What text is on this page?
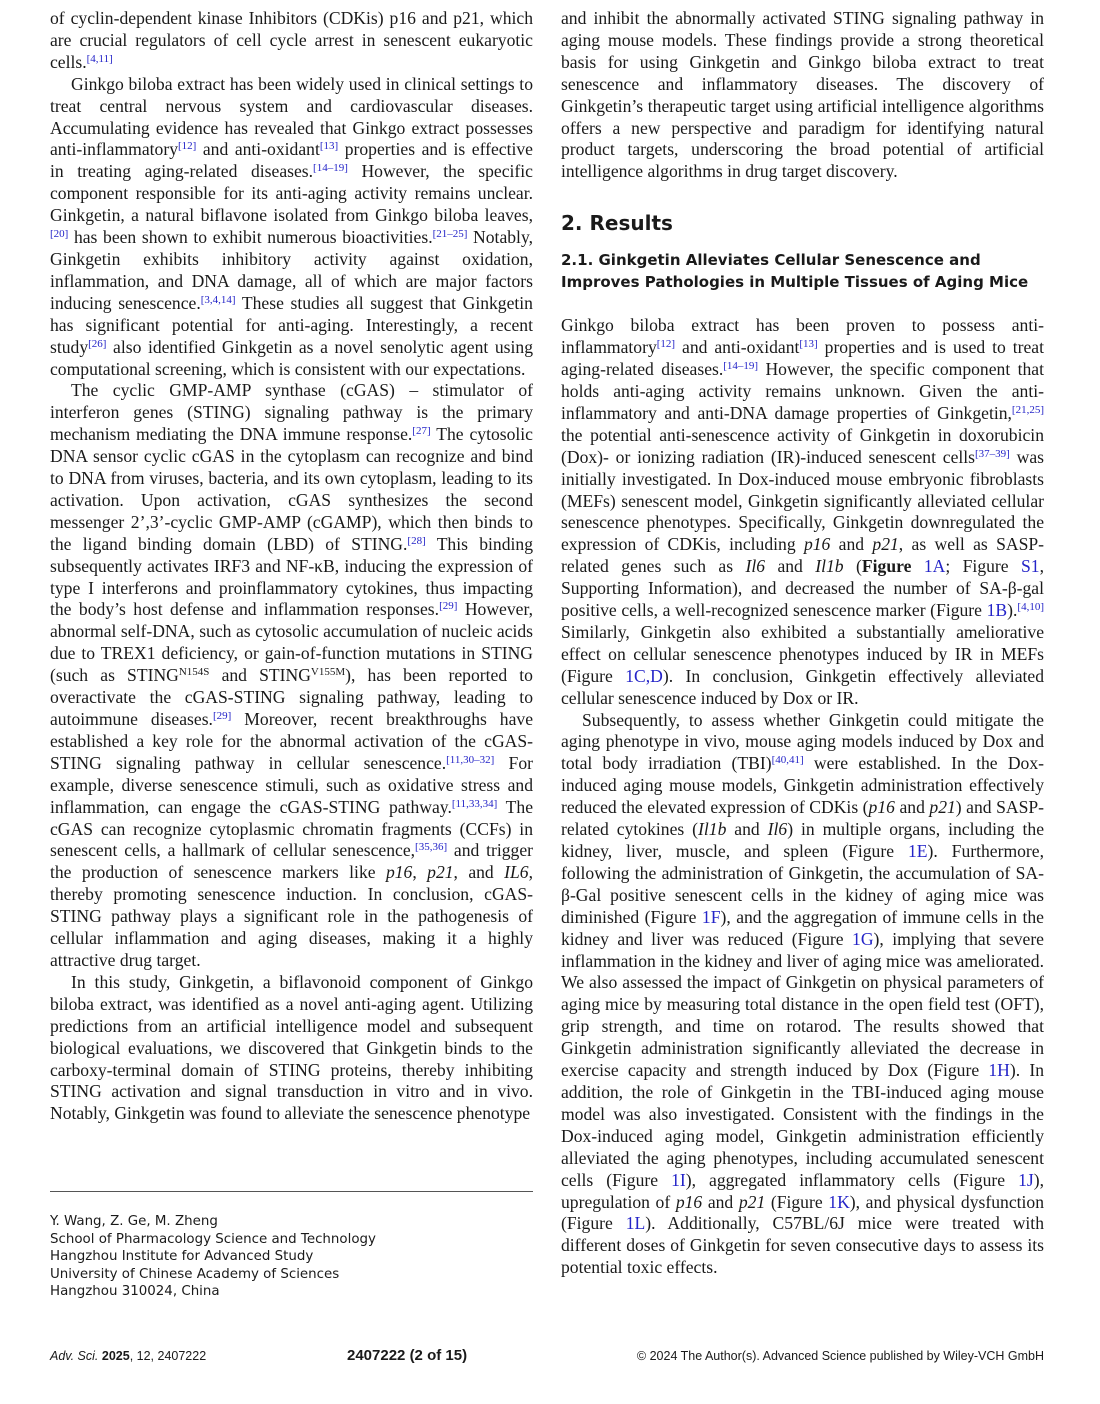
of cyclin-dependent kinase Inhibitors (CDKis) p16 and p21, which are crucial regulators of cell cycle arrest in senescent eukaryotic cells.[4,11]

Ginkgo biloba extract has been widely used in clinical settings to treat central nervous system and cardiovascular diseases. Accumulating evidence has revealed that Ginkgo extract possesses anti-inflammatory[12] and anti-oxidant[13] properties and is effective in treating aging-related diseases.[14–19] However, the specific component responsible for its anti-aging activity remains unclear. Ginkgetin, a natural biflavone isolated from Ginkgo biloba leaves,[20] has been shown to exhibit numerous bioactivities.[21–25] Notably, Ginkgetin exhibits inhibitory activity against oxidation, inflammation, and DNA damage, all of which are major factors inducing senescence.[3,4,14] These studies all suggest that Ginkgetin has significant potential for anti-aging. Interestingly, a recent study[26] also identified Ginkgetin as a novel senolytic agent using computational screening, which is consistent with our expectations.

The cyclic GMP-AMP synthase (cGAS) – stimulator of interferon genes (STING) signaling pathway is the primary mechanism mediating the DNA immune response.[27] The cytosolic DNA sensor cyclic cGAS in the cytoplasm can recognize and bind to DNA from viruses, bacteria, and its own cytoplasm, leading to its activation. Upon activation, cGAS synthesizes the second messenger 2’,3’-cyclic GMP-AMP (cGAMP), which then binds to the ligand binding domain (LBD) of STING.[28] This binding subsequently activates IRF3 and NF-κB, inducing the expression of type I interferons and proinflammatory cytokines, thus impacting the body’s host defense and inflammation responses.[29] However, abnormal self-DNA, such as cytosolic accumulation of nucleic acids due to TREX1 deficiency, or gain-of-function mutations in STING (such as $STING^{N154S}$ and $STING^{V155M}$), has been reported to overactivate the cGAS-STING signaling pathway, leading to autoimmune diseases.[29] Moreover, recent breakthroughs have established a key role for the abnormal activation of the cGAS-STING signaling pathway in cellular senescence.[11,30–32] For example, diverse senescence stimuli, such as oxidative stress and inflammation, can engage the cGAS-STING pathway.[11,33,34] The cGAS can recognize cytoplasmic chromatin fragments (CCFs) in senescent cells, a hallmark of cellular senescence,[35,36] and trigger the production of senescence markers like p16, p21, and IL6, thereby promoting senescence induction. In conclusion, cGAS-STING pathway plays a significant role in the pathogenesis of cellular inflammation and aging diseases, making it a highly attractive drug target.

In this study, Ginkgetin, a biflavonoid component of Ginkgo biloba extract, was identified as a novel anti-aging agent. Utilizing predictions from an artificial intelligence model and subsequent biological evaluations, we discovered that Ginkgetin binds to the carboxy-terminal domain of STING proteins, thereby inhibiting STING activation and signal transduction in vitro and in vivo. Notably, Ginkgetin was found to alleviate the senescence phenotype

Y. Wang, Z. Ge, M. Zheng
School of Pharmacology Science and Technology
Hangzhou Institute for Advanced Study
University of Chinese Academy of Sciences
Hangzhou 310024, China

and inhibit the abnormally activated STING signaling pathway in aging mouse models. These findings provide a strong theoretical basis for using Ginkgetin and Ginkgo biloba extract to treat senescence and inflammatory diseases. The discovery of Ginkgetin’s therapeutic target using artificial intelligence algorithms offers a new perspective and paradigm for identifying natural product targets, underscoring the broad potential of artificial intelligence algorithms in drug target discovery.

2. Results
2.1. Ginkgetin Alleviates Cellular Senescence and Improves Pathologies in Multiple Tissues of Aging Mice

Ginkgo biloba extract has been proven to possess anti-inflammatory[12] and anti-oxidant[13] properties and is used to treat aging-related diseases.[14–19] However, the specific component that holds anti-aging activity remains unknown. Given the anti-inflammatory and anti-DNA damage properties of Ginkgetin,[21,25] the potential anti-senescence activity of Ginkgetin in doxorubicin (Dox)- or ionizing radiation (IR)-induced senescent cells[37–39] was initially investigated. In Dox-induced mouse embryonic fibroblasts (MEFs) senescent model, Ginkgetin significantly alleviated cellular senescence phenotypes. Specifically, Ginkgetin downregulated the expression of CDKis, including p16 and p21, as well as SASP-related genes such as Il6 and Il1b (Figure 1A; Figure S1, Supporting Information), and decreased the number of SA-β-gal positive cells, a well-recognized senescence marker (Figure 1B).[4,10] Similarly, Ginkgetin also exhibited a substantially ameliorative effect on cellular senescence phenotypes induced by IR in MEFs (Figure 1C,D). In conclusion, Ginkgetin effectively alleviated cellular senescence induced by Dox or IR.

Subsequently, to assess whether Ginkgetin could mitigate the aging phenotype in vivo, mouse aging models induced by Dox and total body irradiation (TBI)[40,41] were established. In the Dox-induced aging mouse models, Ginkgetin administration effectively reduced the elevated expression of CDKis (p16 and p21) and SASP-related cytokines (Il1b and Il6) in multiple organs, including the kidney, liver, muscle, and spleen (Figure 1E). Furthermore, following the administration of Ginkgetin, the accumulation of SA-β-Gal positive senescent cells in the kidney of aging mice was diminished (Figure 1F), and the aggregation of immune cells in the kidney and liver was reduced (Figure 1G), implying that severe inflammation in the kidney and liver of aging mice was ameliorated. We also assessed the impact of Ginkgetin on physical parameters of aging mice by measuring total distance in the open field test (OFT), grip strength, and time on rotarod. The results showed that Ginkgetin administration significantly alleviated the decrease in exercise capacity and strength induced by Dox (Figure 1H). In addition, the role of Ginkgetin in the TBI-induced aging mouse model was also investigated. Consistent with the findings in the Dox-induced aging model, Ginkgetin administration efficiently alleviated the aging phenotypes, including accumulated senescent cells (Figure 1I), aggregated inflammatory cells (Figure 1J), upregulation of p16 and p21 (Figure 1K), and physical dysfunction (Figure 1L). Additionally, C57BL/6J mice were treated with different doses of Ginkgetin for seven consecutive days to assess its potential toxic effects.

Adv. Sci. 2025, 12, 2407222	2407222 (2 of 15)	© 2024 The Author(s). Advanced Science published by Wiley-VCH GmbH
